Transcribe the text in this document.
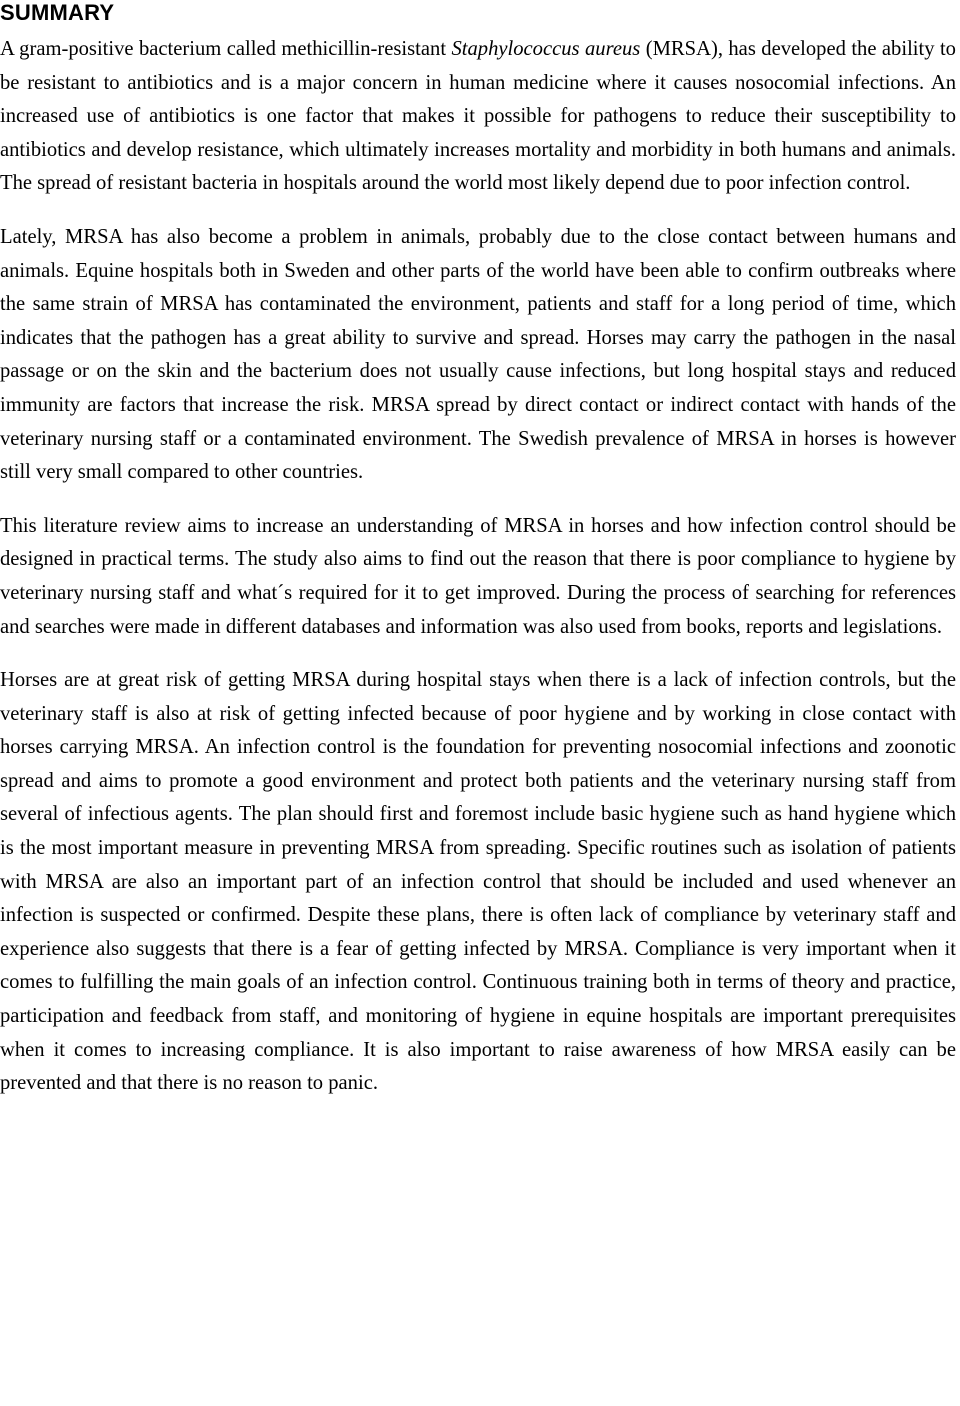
SUMMARY

A gram-positive bacterium called methicillin-resistant Staphylococcus aureus (MRSA), has developed the ability to be resistant to antibiotics and is a major concern in human medicine where it causes nosocomial infections. An increased use of antibiotics is one factor that makes it possible for pathogens to reduce their susceptibility to antibiotics and develop resistance, which ultimately increases mortality and morbidity in both humans and animals. The spread of resistant bacteria in hospitals around the world most likely depend due to poor infection control.

Lately, MRSA has also become a problem in animals, probably due to the close contact between humans and animals. Equine hospitals both in Sweden and other parts of the world have been able to confirm outbreaks where the same strain of MRSA has contaminated the environment, patients and staff for a long period of time, which indicates that the pathogen has a great ability to survive and spread. Horses may carry the pathogen in the nasal passage or on the skin and the bacterium does not usually cause infections, but long hospital stays and reduced immunity are factors that increase the risk. MRSA spread by direct contact or indirect contact with hands of the veterinary nursing staff or a contaminated environment. The Swedish prevalence of MRSA in horses is however still very small compared to other countries.

This literature review aims to increase an understanding of MRSA in horses and how infection control should be designed in practical terms. The study also aims to find out the reason that there is poor compliance to hygiene by veterinary nursing staff and what´s required for it to get improved. During the process of searching for references and searches were made in different databases and information was also used from books, reports and legislations.

Horses are at great risk of getting MRSA during hospital stays when there is a lack of infection controls, but the veterinary staff is also at risk of getting infected because of poor hygiene and by working in close contact with horses carrying MRSA. An infection control is the foundation for preventing nosocomial infections and zoonotic spread and aims to promote a good environment and protect both patients and the veterinary nursing staff from several of infectious agents. The plan should first and foremost include basic hygiene such as hand hygiene which is the most important measure in preventing MRSA from spreading. Specific routines such as isolation of patients with MRSA are also an important part of an infection control that should be included and used whenever an infection is suspected or confirmed. Despite these plans, there is often lack of compliance by veterinary staff and experience also suggests that there is a fear of getting infected by MRSA. Compliance is very important when it comes to fulfilling the main goals of an infection control. Continuous training both in terms of theory and practice, participation and feedback from staff, and monitoring of hygiene in equine hospitals are important prerequisites when it comes to increasing compliance. It is also important to raise awareness of how MRSA easily can be prevented and that there is no reason to panic.
